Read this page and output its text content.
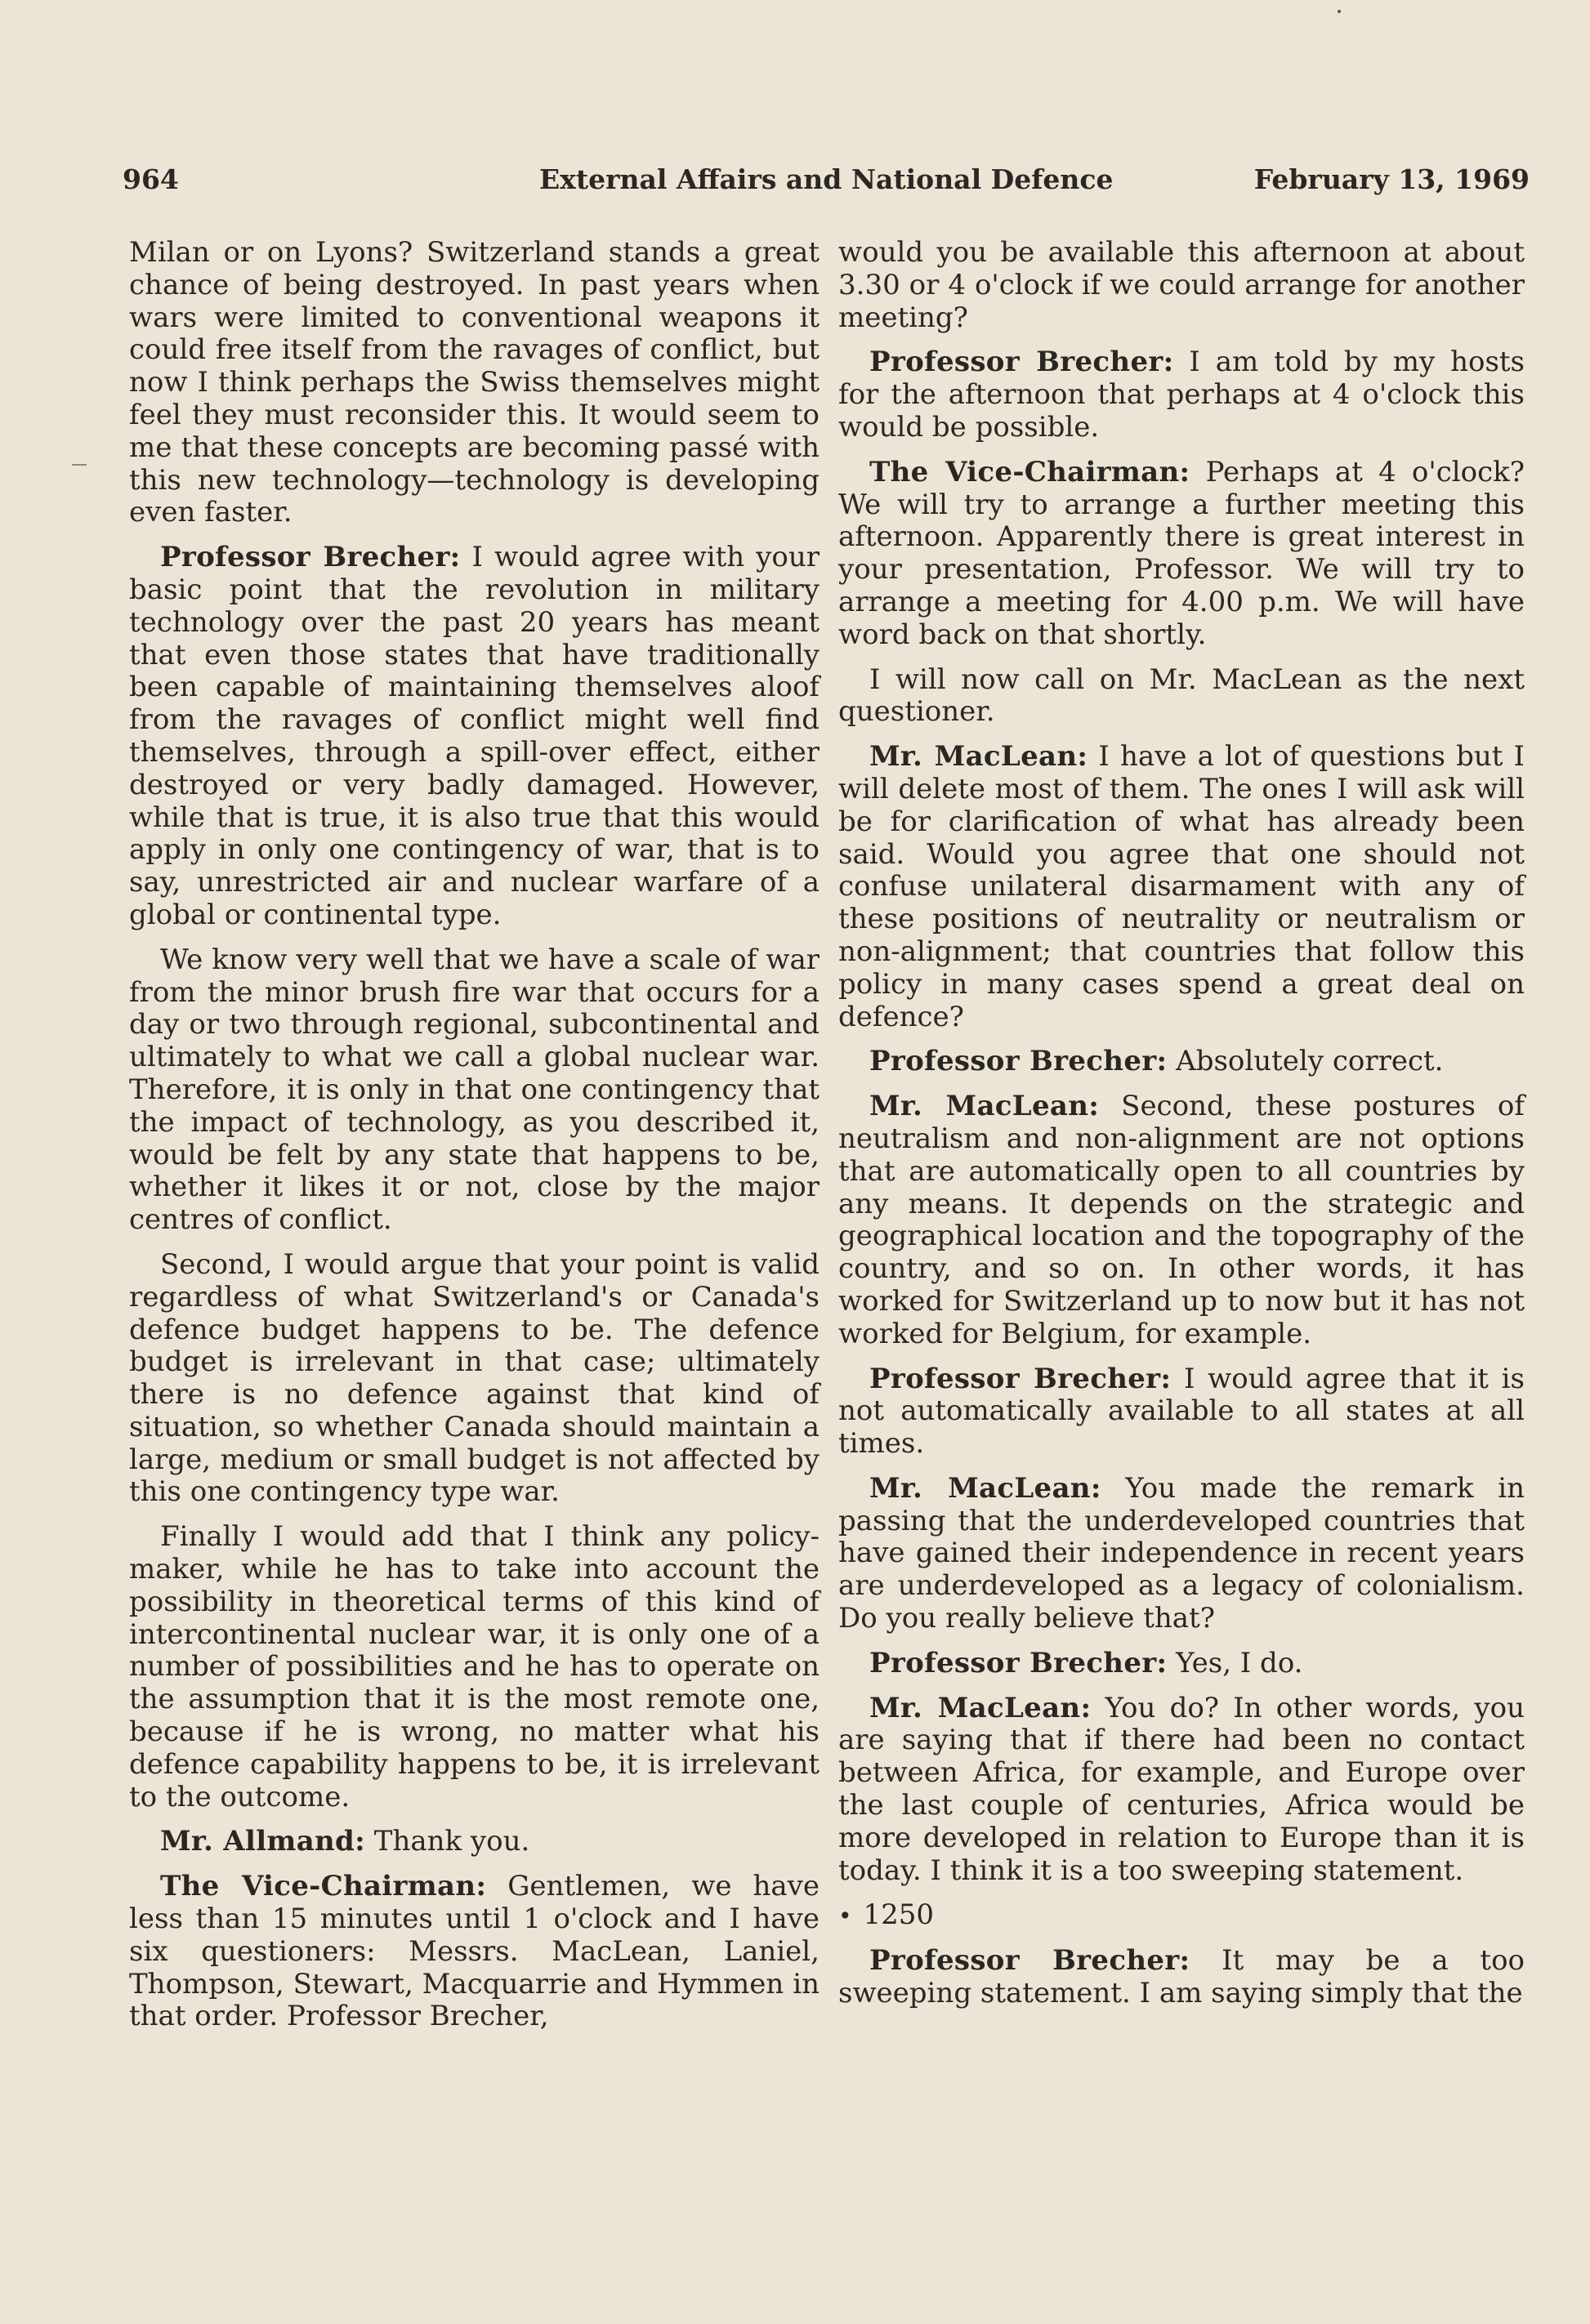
964	External Affairs and National Defence	February 13, 1969

Milan or on Lyons? Switzerland stands a great chance of being destroyed. In past years when wars were limited to conventional weapons it could free itself from the ravages of conflict, but now I think perhaps the Swiss themselves might feel they must reconsider this. It would seem to me that these concepts are becoming passé with this new technology—technology is developing even faster.

Professor Brecher: I would agree with your basic point that the revolution in military technology over the past 20 years has meant that even those states that have traditionally been capable of maintaining themselves aloof from the ravages of conflict might well find themselves, through a spill-over effect, either destroyed or very badly damaged. However, while that is true, it is also true that this would apply in only one contingency of war, that is to say, unrestricted air and nuclear warfare of a global or continental type.

We know very well that we have a scale of war from the minor brush fire war that occurs for a day or two through regional, subcontinental and ultimately to what we call a global nuclear war. Therefore, it is only in that one contingency that the impact of technology, as you described it, would be felt by any state that happens to be, whether it likes it or not, close by the major centres of conflict.

Second, I would argue that your point is valid regardless of what Switzerland's or Canada's defence budget happens to be. The defence budget is irrelevant in that case; ultimately there is no defence against that kind of situation, so whether Canada should maintain a large, medium or small budget is not affected by this one contingency type war.

Finally I would add that I think any policy-maker, while he has to take into account the possibility in theoretical terms of this kind of intercontinental nuclear war, it is only one of a number of possibilities and he has to operate on the assumption that it is the most remote one, because if he is wrong, no matter what his defence capability happens to be, it is irrelevant to the outcome.

Mr. Allmand: Thank you.

The Vice-Chairman: Gentlemen, we have less than 15 minutes until 1 o'clock and I have six questioners: Messrs. MacLean, Laniel, Thompson, Stewart, Macquarrie and Hymmen in that order. Professor Brecher,

would you be available this afternoon at about 3.30 or 4 o'clock if we could arrange for another meeting?

Professor Brecher: I am told by my hosts for the afternoon that perhaps at 4 o'clock this would be possible.

The Vice-Chairman: Perhaps at 4 o'clock? We will try to arrange a further meeting this afternoon. Apparently there is great interest in your presentation, Professor. We will try to arrange a meeting for 4.00 p.m. We will have word back on that shortly.

I will now call on Mr. MacLean as the next questioner.

Mr. MacLean: I have a lot of questions but I will delete most of them. The ones I will ask will be for clarification of what has already been said. Would you agree that one should not confuse unilateral disarmament with any of these positions of neutrality or neutralism or non-alignment; that countries that follow this policy in many cases spend a great deal on defence?

Professor Brecher: Absolutely correct.

Mr. MacLean: Second, these postures of neutralism and non-alignment are not options that are automatically open to all countries by any means. It depends on the strategic and geographical location and the topography of the country, and so on. In other words, it has worked for Switzerland up to now but it has not worked for Belgium, for example.

Professor Brecher: I would agree that it is not automatically available to all states at all times.

Mr. MacLean: You made the remark in passing that the underdeveloped countries that have gained their independence in recent years are underdeveloped as a legacy of colonialism. Do you really believe that?

Professor Brecher: Yes, I do.

Mr. MacLean: You do? In other words, you are saying that if there had been no contact between Africa, for example, and Europe over the last couple of centuries, Africa would be more developed in relation to Europe than it is today. I think it is a too sweeping statement.

• 1250

Professor Brecher: It may be a too sweeping statement. I am saying simply that the
